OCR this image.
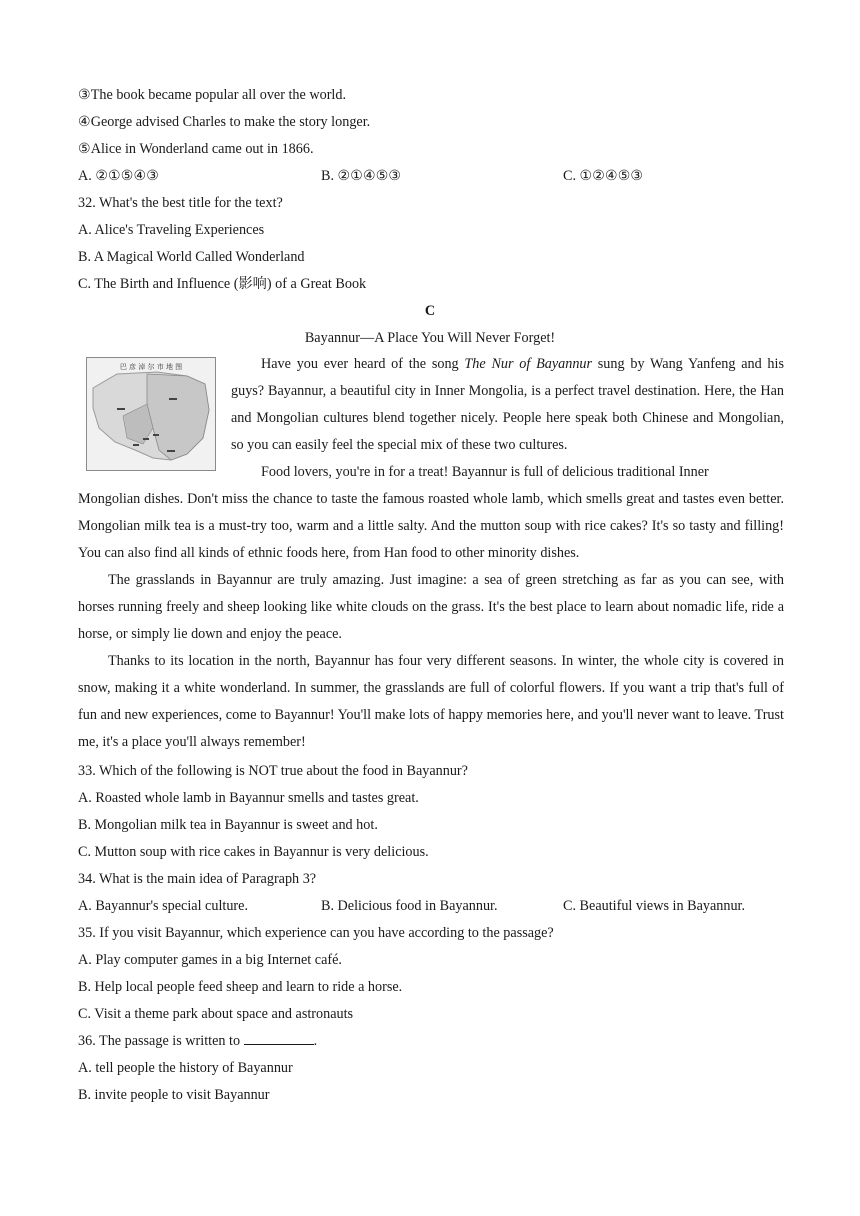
③The book became popular all over the world.
④George advised Charles to make the story longer.
⑤Alice in Wonderland came out in 1866.
A. ②①⑤④③	B. ②①④⑤③	C. ①②④⑤③
32. What's the best title for the text?
A. Alice's Traveling Experiences
B. A Magical World Called Wonderland
C. The Birth and Influence (影响) of a Great Book
C
Bayannur—A Place You Will Never Forget!
巴 彦 淖 尔 市 地 图	Have you ever heard of the song The Nur of Bayannur sung by Wang Yanfeng and his guys? Bayannur, a beautiful city in Inner Mongolia, is a perfect travel destination. Here, the Han and Mongolian cultures blend together nicely. People here speak both Chinese and Mongolian, so you can easily feel the special mix of these two cultures.

Food lovers, you're in for a treat! Bayannur is full of delicious traditional Inner

Mongolian dishes. Don't miss the chance to taste the famous roasted whole lamb, which smells great and tastes even better. Mongolian milk tea is a must-try too, warm and a little salty. And the mutton soup with rice cakes? It's so tasty and filling! You can also find all kinds of ethnic foods here, from Han food to other minority dishes.

The grasslands in Bayannur are truly amazing. Just imagine: a sea of green stretching as far as you can see, with horses running freely and sheep looking like white clouds on the grass. It's the best place to learn about nomadic life, ride a horse, or simply lie down and enjoy the peace.

Thanks to its location in the north, Bayannur has four very different seasons. In winter, the whole city is covered in snow, making it a white wonderland. In summer, the grasslands are full of colorful flowers. If you want a trip that's full of fun and new experiences, come to Bayannur! You'll make lots of happy memories here, and you'll never want to leave. Trust me, it's a place you'll always remember!

33. Which of the following is NOT true about the food in Bayannur?
A. Roasted whole lamb in Bayannur smells and tastes great.
B. Mongolian milk tea in Bayannur is sweet and hot.
C. Mutton soup with rice cakes in Bayannur is very delicious.
34. What is the main idea of Paragraph 3?
A. Bayannur's special culture.	B. Delicious food in Bayannur.	C. Beautiful views in Bayannur.
35. If you visit Bayannur, which experience can you have according to the passage?
A. Play computer games in a big Internet café.
B. Help local people feed sheep and learn to ride a horse.
C. Visit a theme park about space and astronauts
36. The passage is written to	.
A. tell people the history of Bayannur
B. invite people to visit Bayannur
